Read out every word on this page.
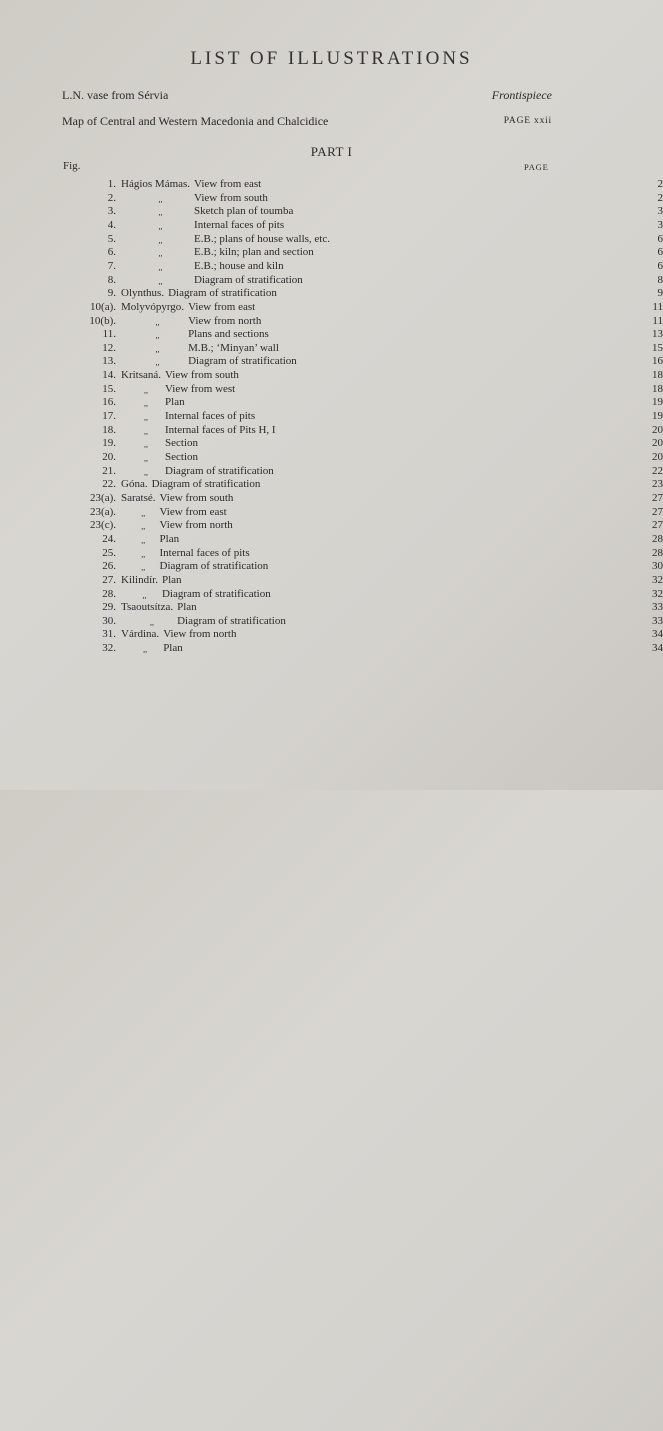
LIST OF ILLUSTRATIONS
L.N. vase from Sérvia	Frontispiece
Map of Central and Western Macedonia and Chalcidice	PAGE xxii
PART I
Fig.	PAGE
1. Hágios Mámas. View from east	2
2.	,,	View from south	2
3.	,,	Sketch plan of toumba	3
4.	,,	Internal faces of pits	3
5.	,,	E.B.; plans of house walls, etc.	6
6.	,,	E.B.; kiln; plan and section	6
7.	,,	E.B.; house and kiln	6
8.	,,	Diagram of stratification	8
9. Olynthus. Diagram of stratification	9
10(a). Molyvópyrgo. View from east	11
10(b).	,,	View from north	11
11.	,,	Plans and sections	13
12.	,,	M.B.; ‘Minyan’ wall	15
13.	,,	Diagram of stratification	16
14. Kritsaná. View from south	18
15.	,, View from west	18
16.	,, Plan	19
17.	,, Internal faces of pits	19
18.	,, Internal faces of Pits H, I	20
19.	,, Section	20
20.	,, Section	20
21.	,, Diagram of stratification	22
22. Góna. Diagram of stratification	23
23(a). Saratsé. View from south	27
23(a).	,, View from east	27
23(c).	,, View from north	27
24.	,, Plan	28
25.	,, Internal faces of pits	28
26.	,, Diagram of stratification	30
27. Kilindír. Plan	32
28.	,, Diagram of stratification	32
29. Tsaoutsítza. Plan	33
30.	,, Diagram of stratification	33
31. Várdina. View from north	34
32.	,, Plan	34
